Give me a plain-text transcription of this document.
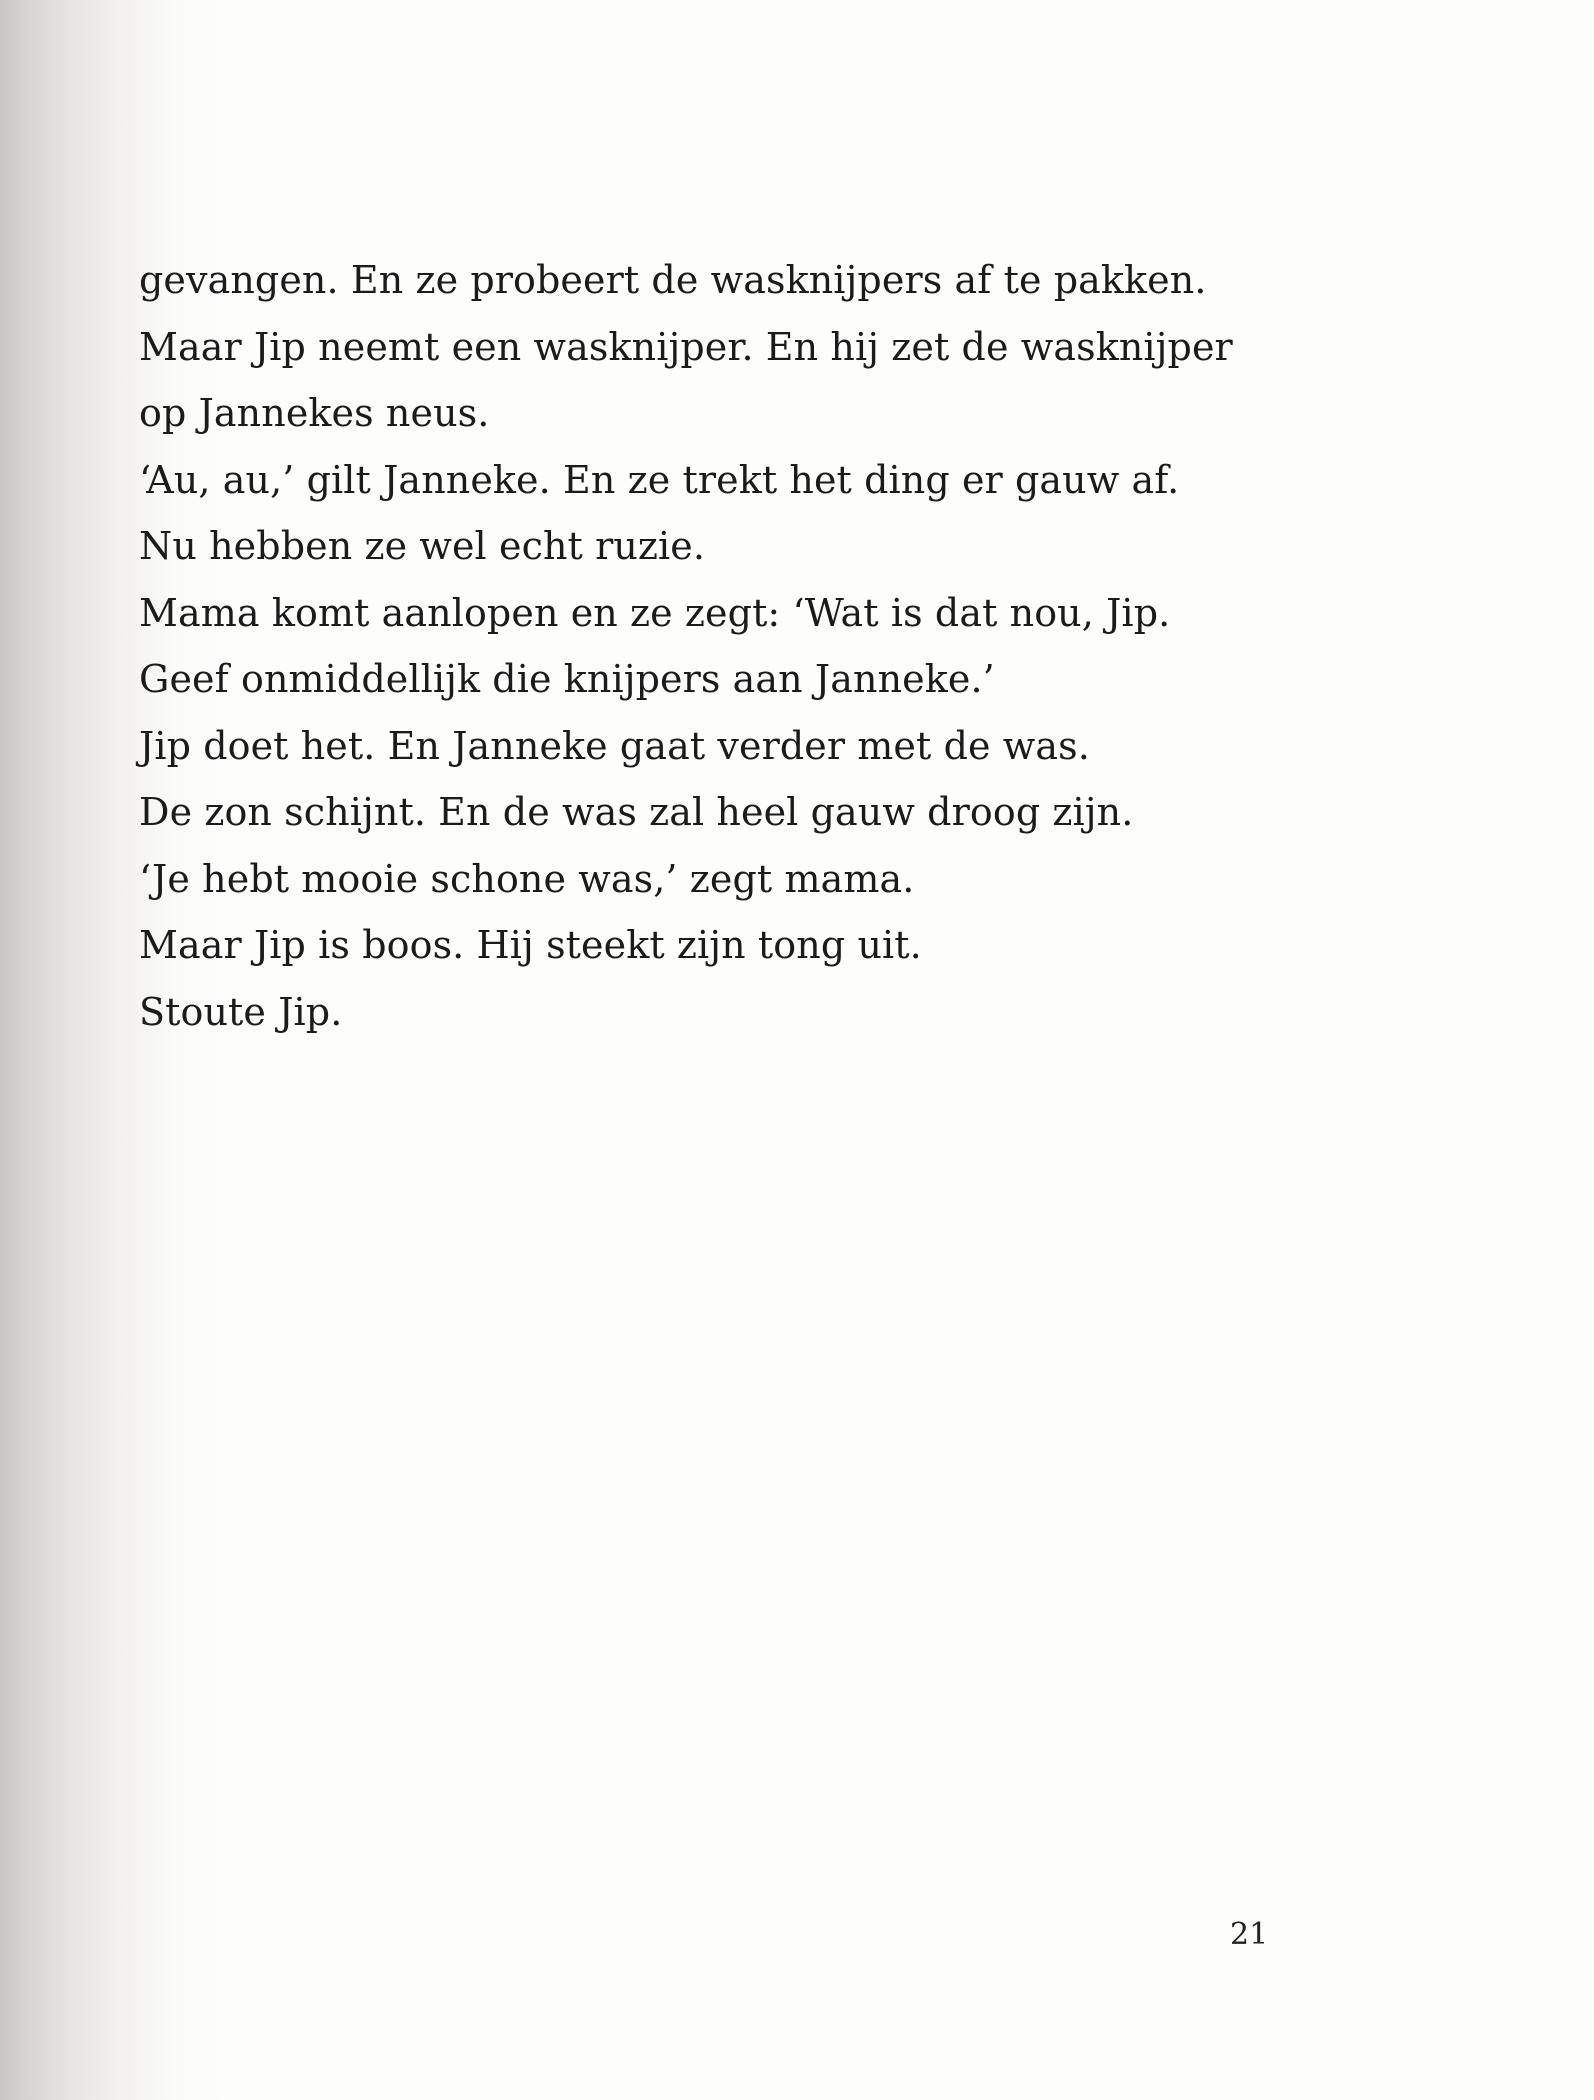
gevangen. En ze probeert de wasknijpers af te pakken.
Maar Jip neemt een wasknijper. En hij zet de wasknijper
op Jannekes neus.
‘Au, au,’ gilt Janneke. En ze trekt het ding er gauw af.
Nu hebben ze wel echt ruzie.
Mama komt aanlopen en ze zegt: ‘Wat is dat nou, Jip.
Geef onmiddellijk die knijpers aan Janneke.’
Jip doet het. En Janneke gaat verder met de was.
De zon schijnt. En de was zal heel gauw droog zijn.
‘Je hebt mooie schone was,’ zegt mama.
Maar Jip is boos. Hij steekt zijn tong uit.
Stoute Jip.
21
